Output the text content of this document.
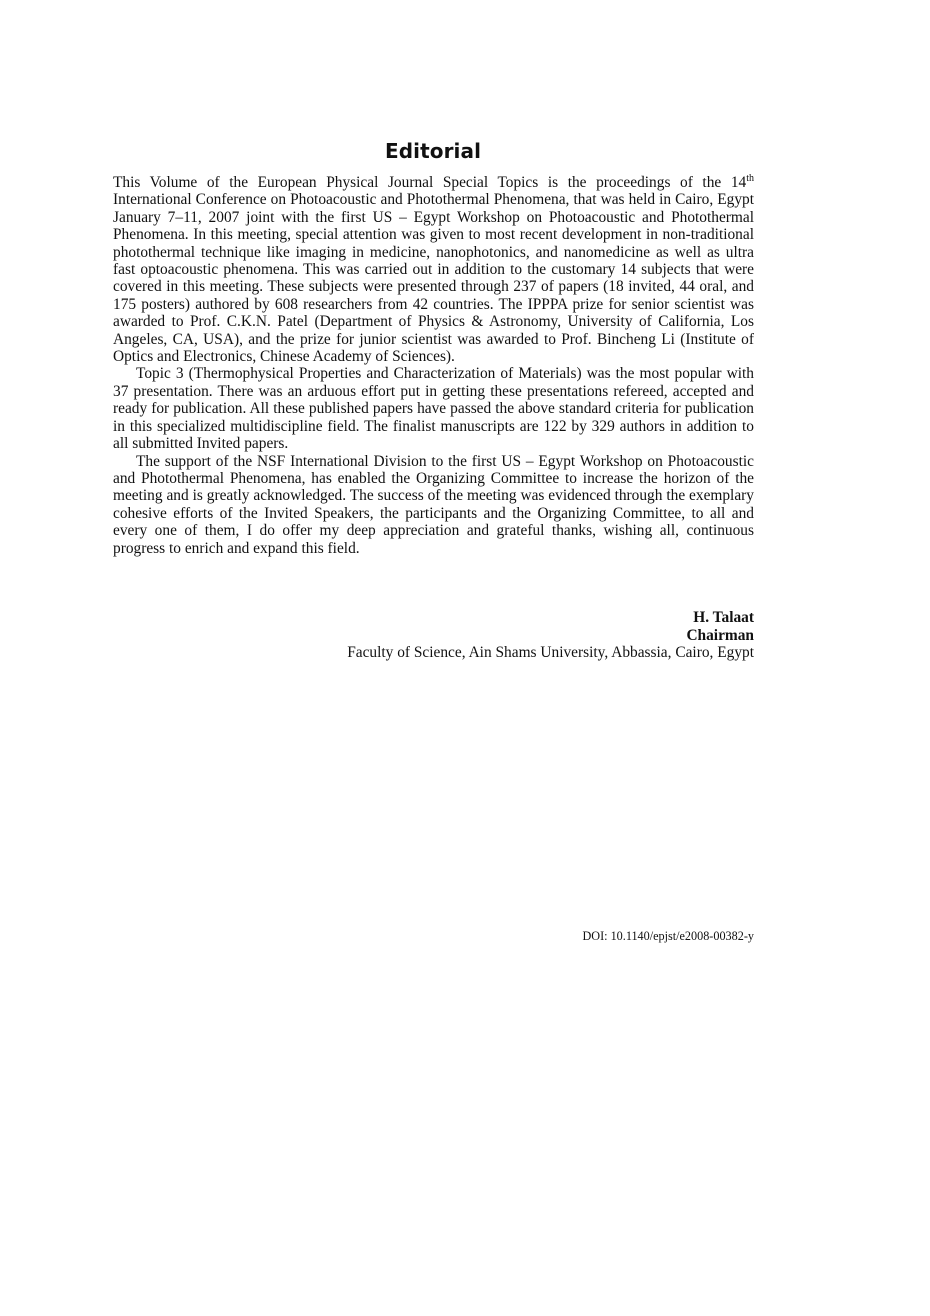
Editorial

This Volume of the European Physical Journal Special Topics is the proceedings of the 14th International Conference on Photoacoustic and Photothermal Phenomena, that was held in Cairo, Egypt January 7–11, 2007 joint with the first US – Egypt Workshop on Photoacoustic and Photothermal Phenomena. In this meeting, special attention was given to most recent development in non-traditional photothermal technique like imaging in medicine, nanophotonics, and nanomedicine as well as ultra fast optoacoustic phenomena. This was carried out in addition to the customary 14 subjects that were covered in this meeting. These subjects were presented through 237 of papers (18 invited, 44 oral, and 175 posters) authored by 608 researchers from 42 countries. The IPPPA prize for senior scientist was awarded to Prof. C.K.N. Patel (Department of Physics & Astronomy, University of California, Los Angeles, CA, USA), and the prize for junior scientist was awarded to Prof. Bincheng Li (Institute of Optics and Electronics, Chinese Academy of Sciences).

Topic 3 (Thermophysical Properties and Characterization of Materials) was the most popular with 37 presentation. There was an arduous effort put in getting these presentations refereed, accepted and ready for publication. All these published papers have passed the above standard criteria for publication in this specialized multidiscipline field. The finalist manuscripts are 122 by 329 authors in addition to all submitted Invited papers.

The support of the NSF International Division to the first US – Egypt Workshop on Photoacoustic and Photothermal Phenomena, has enabled the Organizing Committee to increase the horizon of the meeting and is greatly acknowledged. The success of the meeting was evidenced through the exemplary cohesive efforts of the Invited Speakers, the participants and the Organizing Committee, to all and every one of them, I do offer my deep appreciation and grateful thanks, wishing all, continuous progress to enrich and expand this field.

H. Talaat
Chairman
Faculty of Science, Ain Shams University, Abbassia, Cairo, Egypt
DOI: 10.1140/epjst/e2008-00382-y
